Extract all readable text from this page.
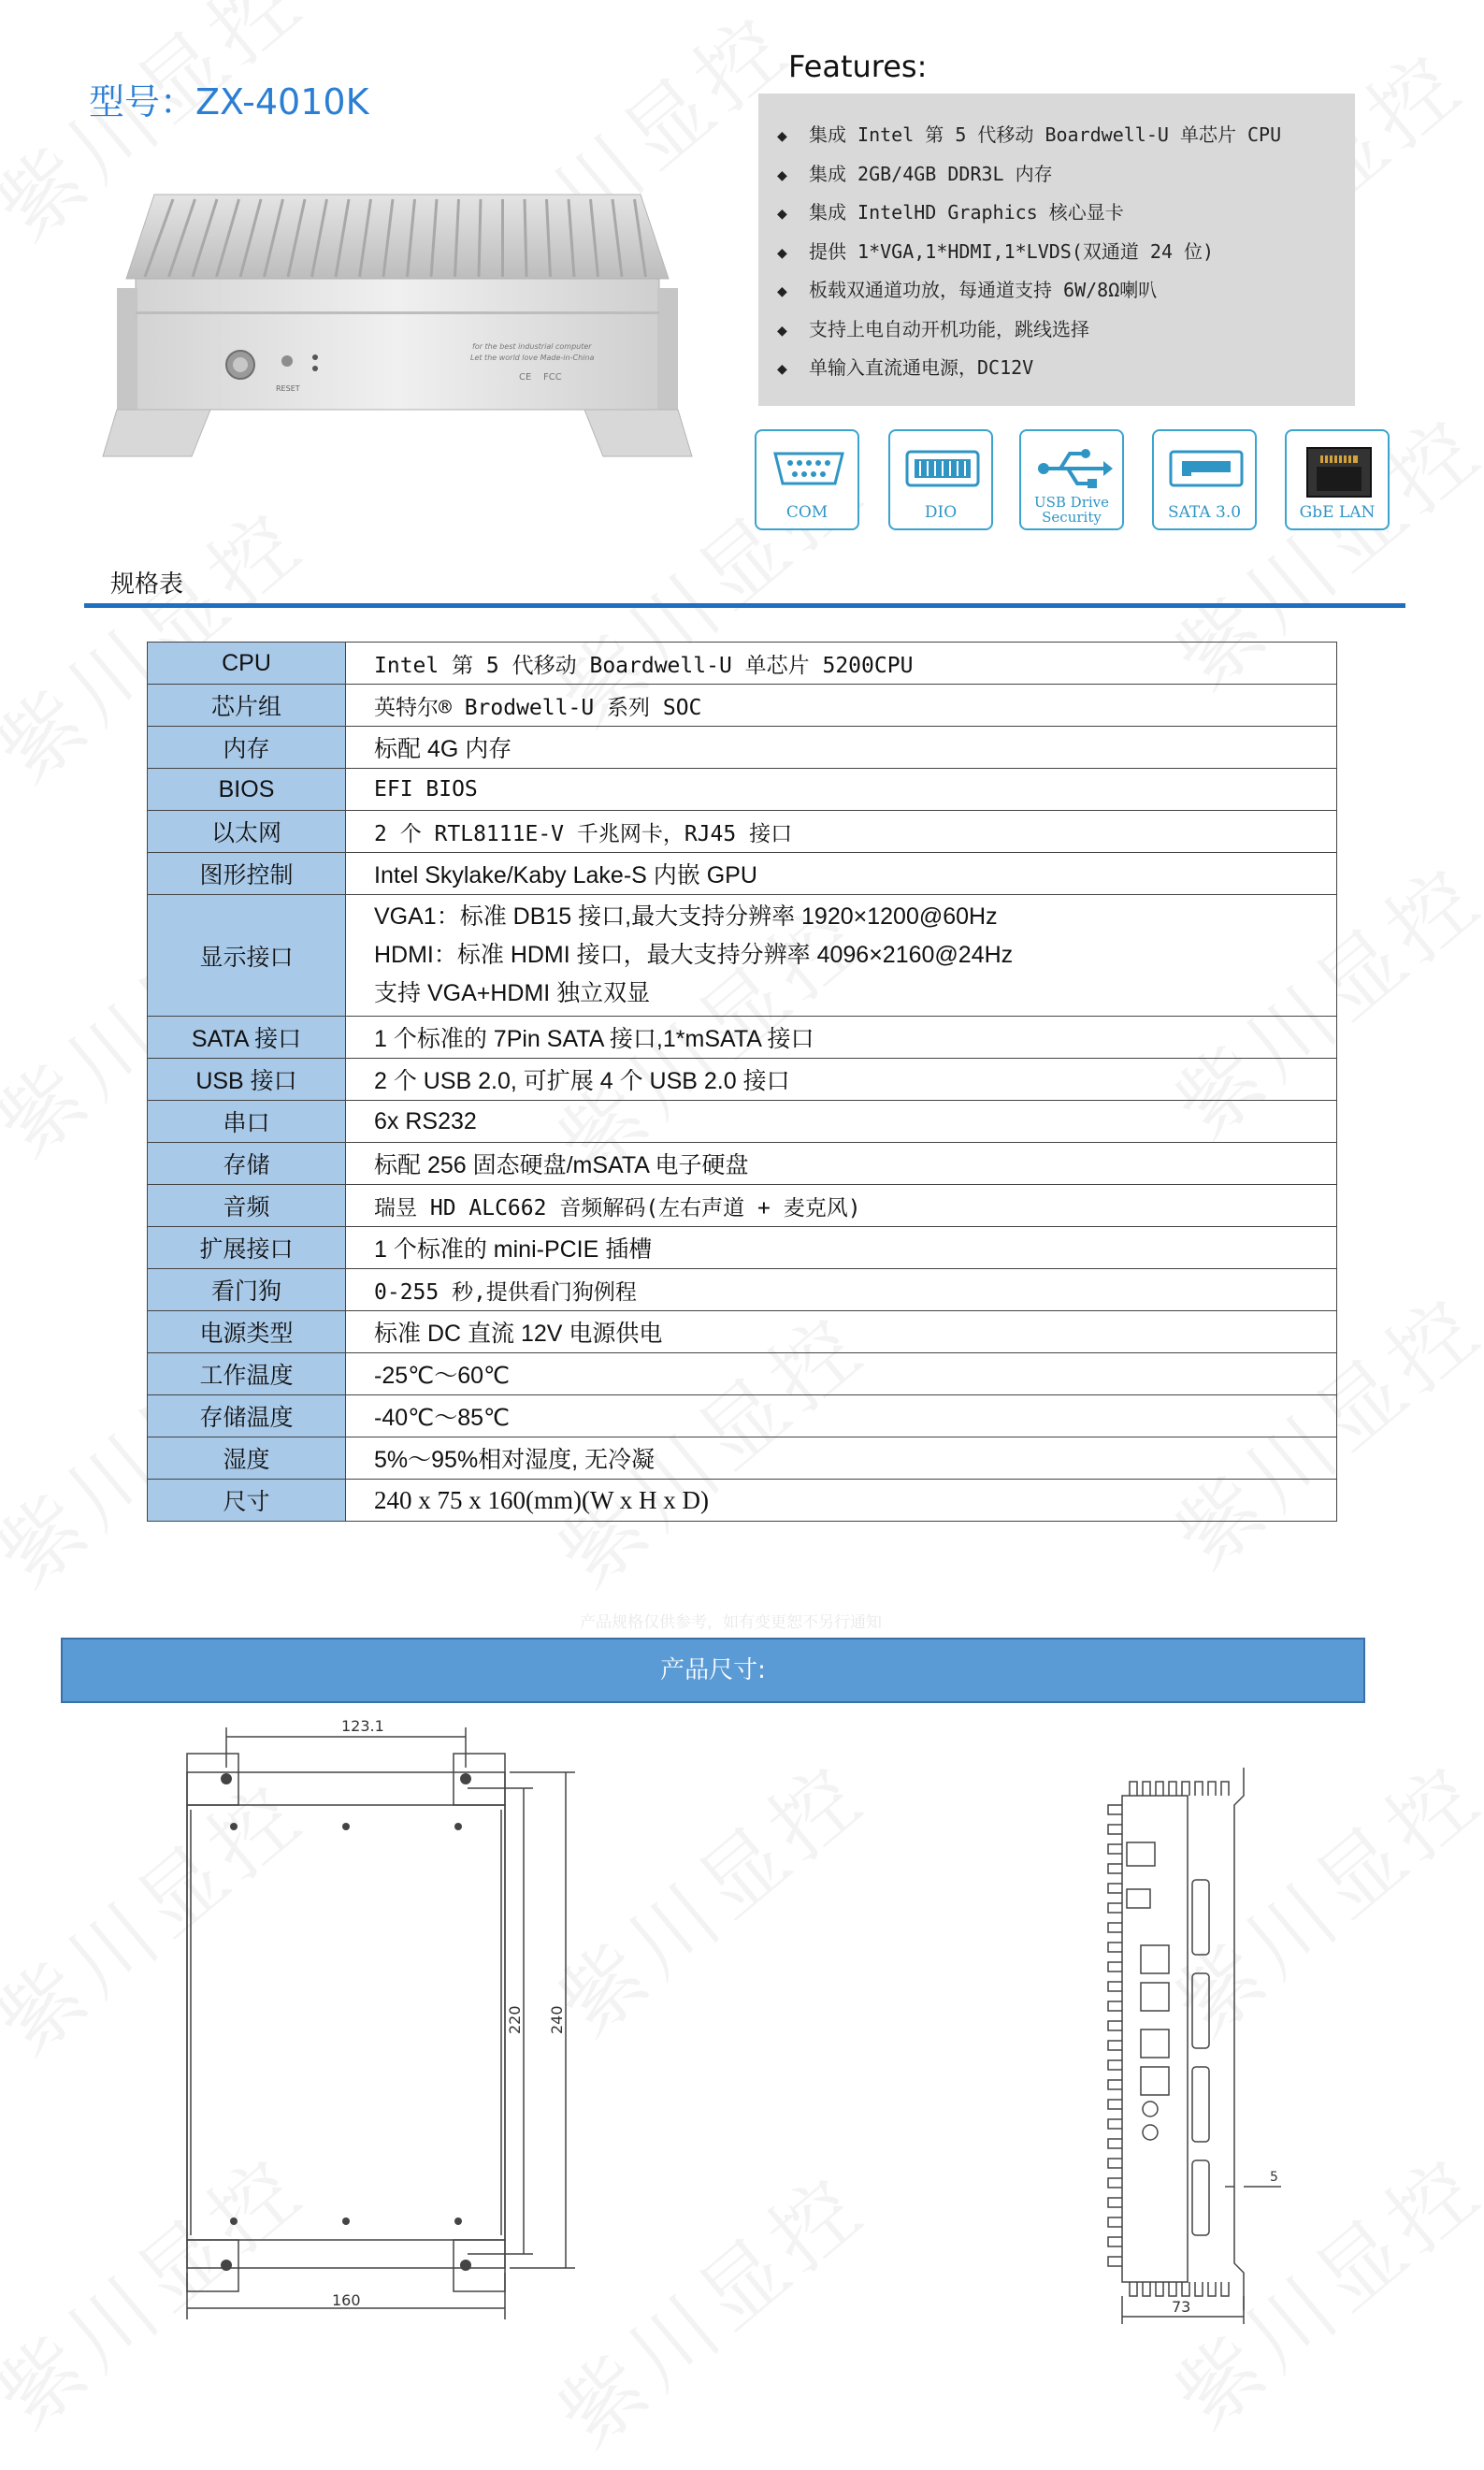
型号：ZX-4010K
RESET
for the best industrial computer
Let the world love Made-in-China
CE FCC
Features:
◆ 集成 Intel 第 5 代移动 Boardwell-U 单芯片 CPU
◆ 集成 2GB/4GB DDR3L 内存
◆ 集成 IntelHD Graphics 核心显卡
◆ 提供 1*VGA,1*HDMI,1*LVDS(双通道 24 位)
◆ 板载双通道功放，每通道支持 6W/8Ω喇叭
◆ 支持上电自动开机功能，跳线选择
◆ 单输入直流通电源，DC12V
COM	DIO
USB Drive
Security	SATA 3.0	GbE LAN
规格表
CPU	Intel 第 5 代移动 Boardwell-U 单芯片 5200CPU
芯片组	英特尔® Brodwell-U 系列 SOC
内存	标配 4G 内存
BIOS	EFI BIOS
以太网	2 个 RTL8111E-V 千兆网卡，RJ45 接口
图形控制	Intel Skylake/Kaby Lake-S 内嵌 GPU
显示接口	VGA1：标准 DB15 接口,最大支持分辨率 1920×1200@60Hz
HDMI：标准 HDMI 接口，最大支持分辨率 4096×2160@24Hz
支持 VGA+HDMI 独立双显

SATA 接口	1 个标准的 7Pin SATA 接口,1*mSATA 接口
USB 接口	2 个 USB 2.0, 可扩展 4 个 USB 2.0 接口
串口	6x RS232
存储	标配 256 固态硬盘/mSATA 电子硬盘
音频	瑞昱 HD ALC662 音频解码(左右声道 + 麦克风)
扩展接口	1 个标准的 mini-PCIE 插槽
看门狗	0-255 秒,提供看门狗例程
电源类型	标准 DC 直流 12V 电源供电
工作温度	-25℃～60℃
存储温度	-40℃～85℃
湿度	5%～95%相对湿度, 无冷凝
尺寸	240 x 75 x 160(mm)(W x H x D)
产品规格仅供参考，如有变更恕不另行通知
产品尺寸:
123.1
160
220 240
73
5
